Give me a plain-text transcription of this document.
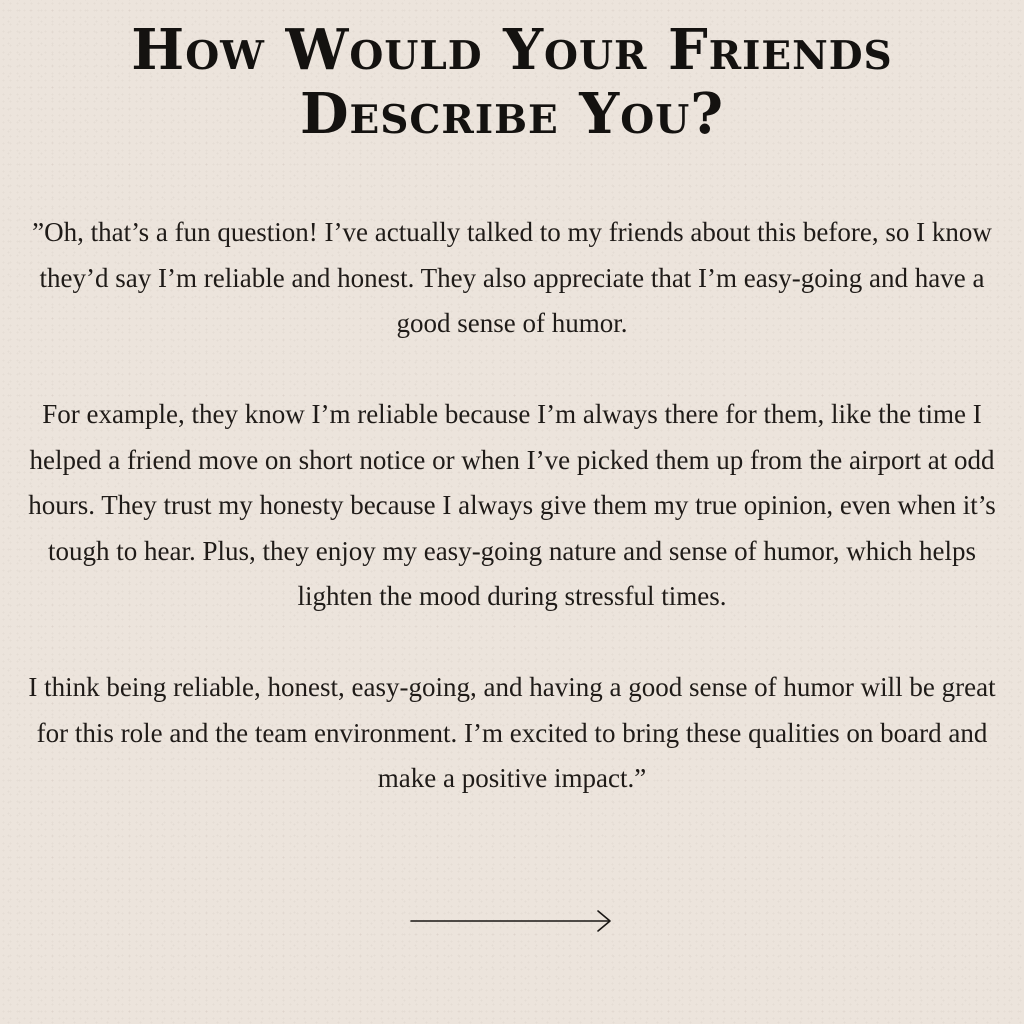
How Would Your Friends
Describe You?

”Oh, that’s a fun question! I’ve actually talked to my friends about this before, so I know they’d say I’m reliable and honest. They also appreciate that I’m easy-going and have a good sense of humor.

For example, they know I’m reliable because I’m always there for them, like the time I helped a friend move on short notice or when I’ve picked them up from the airport at odd hours. They trust my honesty because I always give them my true opinion, even when it’s tough to hear. Plus, they enjoy my easy-going nature and sense of humor, which helps lighten the mood during stressful times.

I think being reliable, honest, easy-going, and having a good sense of humor will be great for this role and the team environment. I’m excited to bring these qualities on board and make a positive impact.”
